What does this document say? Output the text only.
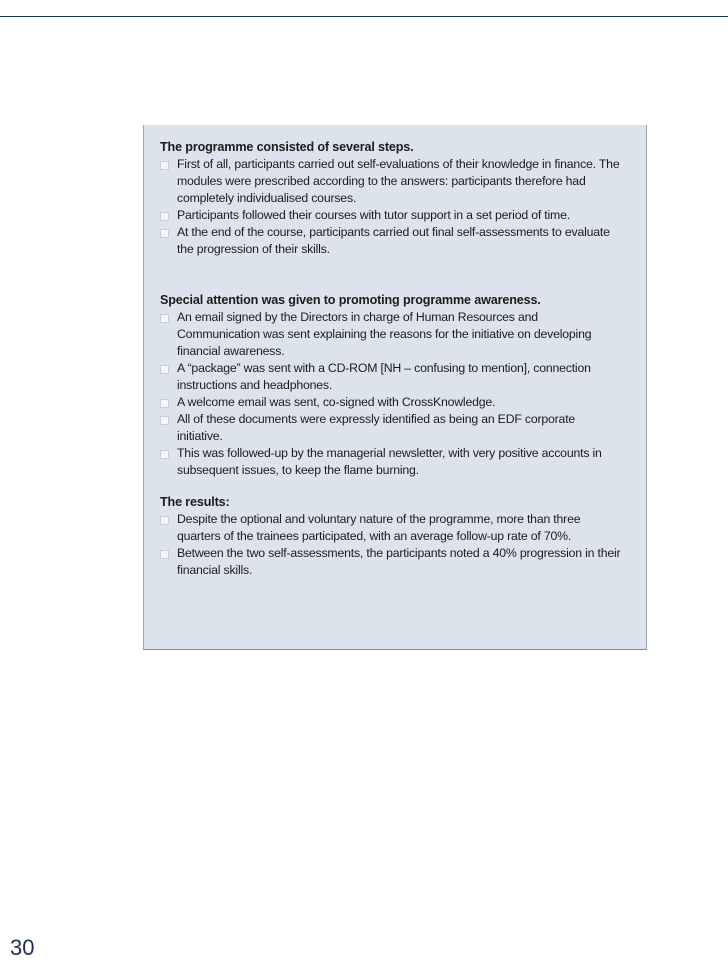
The programme consisted of several steps.

First of all, participants carried out self-evaluations of their knowledge in finance. The modules were prescribed according to the answers: participants therefore had completely individualised courses.
Participants followed their courses with tutor support in a set period of time.
At the end of the course, participants carried out final self-assessments to evaluate the progression of their skills.

Special attention was given to promoting programme awareness.

An email signed by the Directors in charge of Human Resources and Communication was sent explaining the reasons for the initiative on developing financial awareness.
A “package” was sent with a CD-ROM [NH – confusing to mention], connection instructions and headphones.
A welcome email was sent, co-signed with CrossKnowledge.
All of these documents were expressly identified as being an EDF corporate initiative.
This was followed-up by the managerial newsletter, with very positive accounts in subsequent issues, to keep the flame burning.

The results:

Despite the optional and voluntary nature of the programme, more than three quarters of the trainees participated, with an average follow-up rate of 70%.
Between the two self-assessments, the participants noted a 40% progression in their financial skills.
30
